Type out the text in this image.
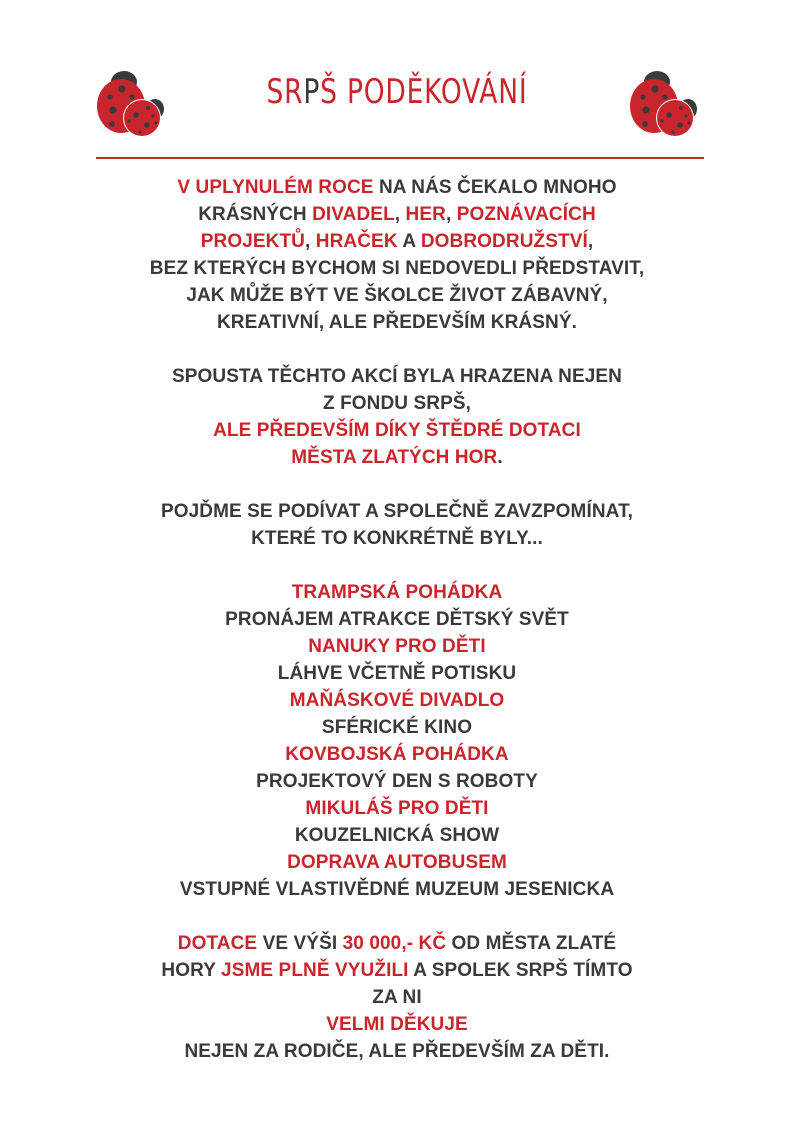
SRPŠ PODĚKOVÁNÍ
V UPLYNULÉM ROCE NA NÁS ČEKALO MNOHO
KRÁSNÝCH DIVADEL, HER, POZNÁVACÍCH
PROJEKTŮ, HRAČEK A DOBRODRUŽSTVÍ,
BEZ KTERÝCH BYCHOM SI NEDOVEDLI PŘEDSTAVIT,
JAK MŮŽE BÝT VE ŠKOLCE ŽIVOT ZÁBAVNÝ,
KREATIVNÍ, ALE PŘEDEVŠÍM KRÁSNÝ.
SPOUSTA TĚCHTO AKCÍ BYLA HRAZENA NEJEN
Z FONDU SRPŠ,
ALE PŘEDEVŠÍM DÍKY ŠTĚDRÉ DOTACI
MĚSTA ZLATÝCH HOR.
POJĎME SE PODÍVAT A SPOLEČNĚ ZAVZPOMÍNAT,
KTERÉ TO KONKRÉTNĚ BYLY...
TRAMPSKÁ POHÁDKA
PRONÁJEM ATRAKCE DĚTSKÝ SVĚT
NANUKY PRO DĚTI
LÁHVE VČETNĚ POTISKU
MAŇÁSKOVÉ DIVADLO
SFÉRICKÉ KINO
KOVBOJSKÁ POHÁDKA
PROJEKTOVÝ DEN S ROBOTY
MIKULÁŠ PRO DĚTI
KOUZELNICKÁ SHOW
DOPRAVA AUTOBUSEM
VSTUPNÉ VLASTIVĚDNÉ MUZEUM JESENICKA
DOTACE VE VÝŠI 30 000,- KČ OD MĚSTA ZLATÉ
HORY JSME PLNĚ VYUŽILI A SPOLEK SRPŠ TÍMTO
ZA NI
VELMI DĚKUJE
NEJEN ZA RODIČE, ALE PŘEDEVŠÍM ZA DĚTI.
